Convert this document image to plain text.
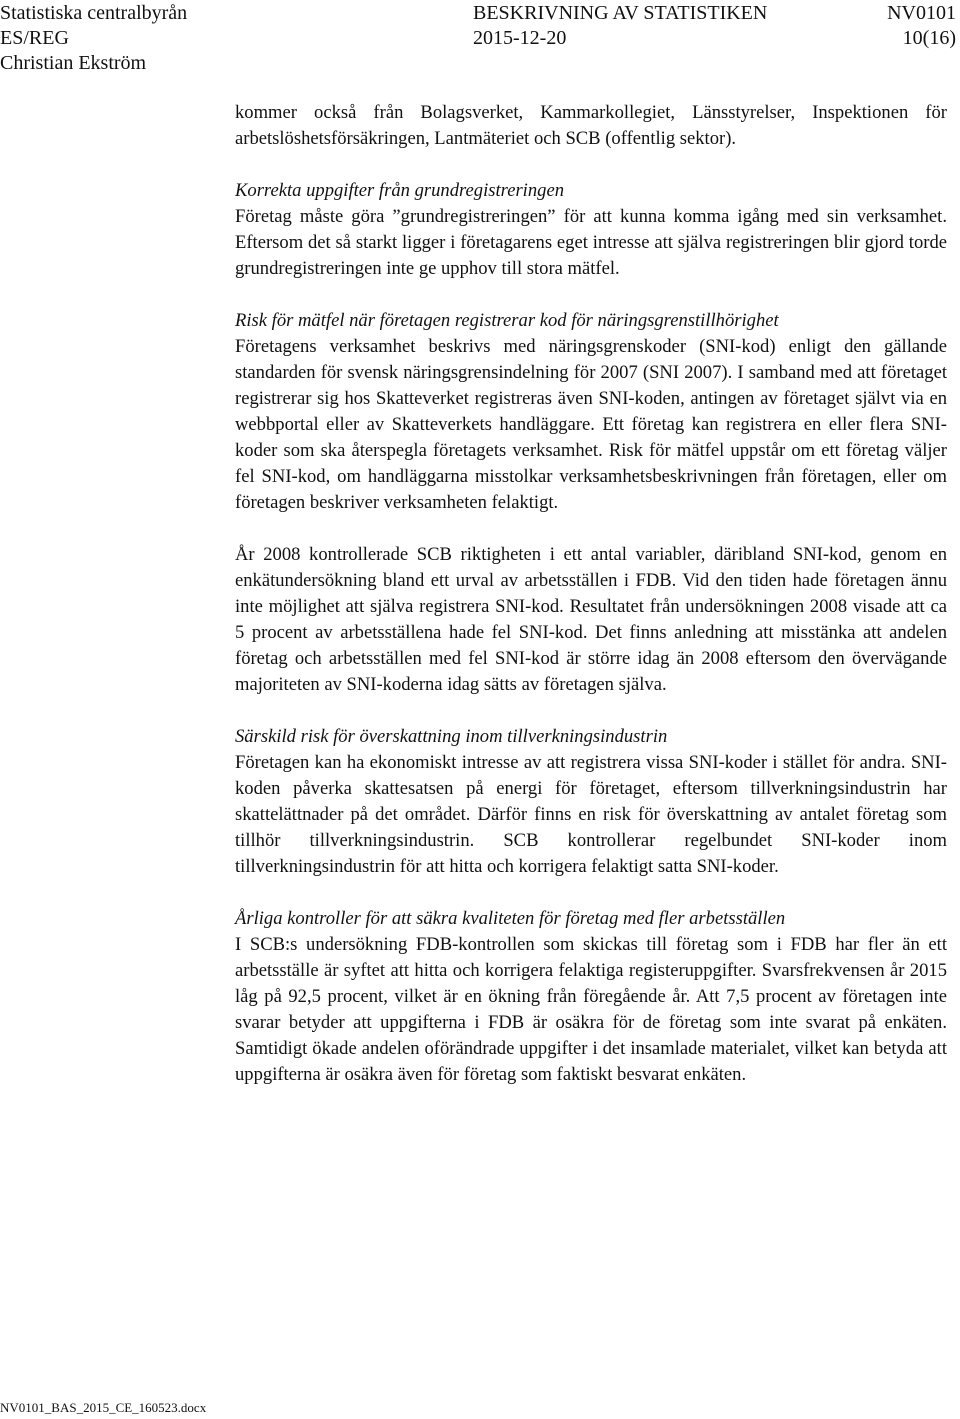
Statistiska centralbyrån
ES/REG
Christian Ekström
BESKRIVNING AV STATISTIKEN
2015-12-20
NV0101
10(16)

kommer också från Bolagsverket, Kammarkollegiet, Länsstyrelser, Inspektionen för arbetslöshetsförsäkringen, Lantmäteriet och SCB (offentlig sektor).

Korrekta uppgifter från grundregistreringen
Företag måste göra ”grundregistreringen” för att kunna komma igång med sin verksamhet. Eftersom det så starkt ligger i företagarens eget intresse att själva registreringen blir gjord torde grundregistreringen inte ge upphov till stora mätfel.
Risk för mätfel när företagen registrerar kod för näringsgrenstillhörighet
Företagens verksamhet beskrivs med näringsgrenskoder (SNI-kod) enligt den gällande standarden för svensk näringsgrensindelning för 2007 (SNI 2007). I samband med att företaget registrerar sig hos Skatteverket registreras även SNI-koden, antingen av företaget självt via en webbportal eller av Skatteverkets handläggare. Ett företag kan registrera en eller flera SNI-koder som ska återspegla företagets verksamhet. Risk för mätfel uppstår om ett företag väljer fel SNI-kod, om handläggarna misstolkar verksamhetsbeskrivningen från företagen, eller om företagen beskriver verksamheten felaktigt.
År 2008 kontrollerade SCB riktigheten i ett antal variabler, däribland SNI-kod, genom en enkätundersökning bland ett urval av arbetsställen i FDB. Vid den tiden hade företagen ännu inte möjlighet att själva registrera SNI-kod. Resultatet från undersökningen 2008 visade att ca 5 procent av arbetsställena hade fel SNI-kod. Det finns anledning att misstänka att andelen företag och arbetsställen med fel SNI-kod är större idag än 2008 eftersom den övervägande majoriteten av SNI-koderna idag sätts av företagen själva.
Särskild risk för överskattning inom tillverkningsindustrin
Företagen kan ha ekonomiskt intresse av att registrera vissa SNI-koder i stället för andra. SNI-koden påverka skattesatsen på energi för företaget, eftersom tillverkningsindustrin har skattelättnader på det området. Därför finns en risk för överskattning av antalet företag som tillhör tillverkningsindustrin. SCB kontrollerar regelbundet SNI-koder inom tillverkningsindustrin för att hitta och korrigera felaktigt satta SNI-koder.
Årliga kontroller för att säkra kvaliteten för företag med fler arbetsställen
I SCB:s undersökning FDB-kontrollen som skickas till företag som i FDB har fler än ett arbetsställe är syftet att hitta och korrigera felaktiga registeruppgifter. Svarsfrekvensen år 2015 låg på 92,5 procent, vilket är en ökning från föregående år. Att 7,5 procent av företagen inte svarar betyder att uppgifterna i FDB är osäkra för de företag som inte svarat på enkäten. Samtidigt ökade andelen oförändrade uppgifter i det insamlade materialet, vilket kan betyda att uppgifterna är osäkra även för företag som faktiskt besvarat enkäten.
NV0101_BAS_2015_CE_160523.docx
